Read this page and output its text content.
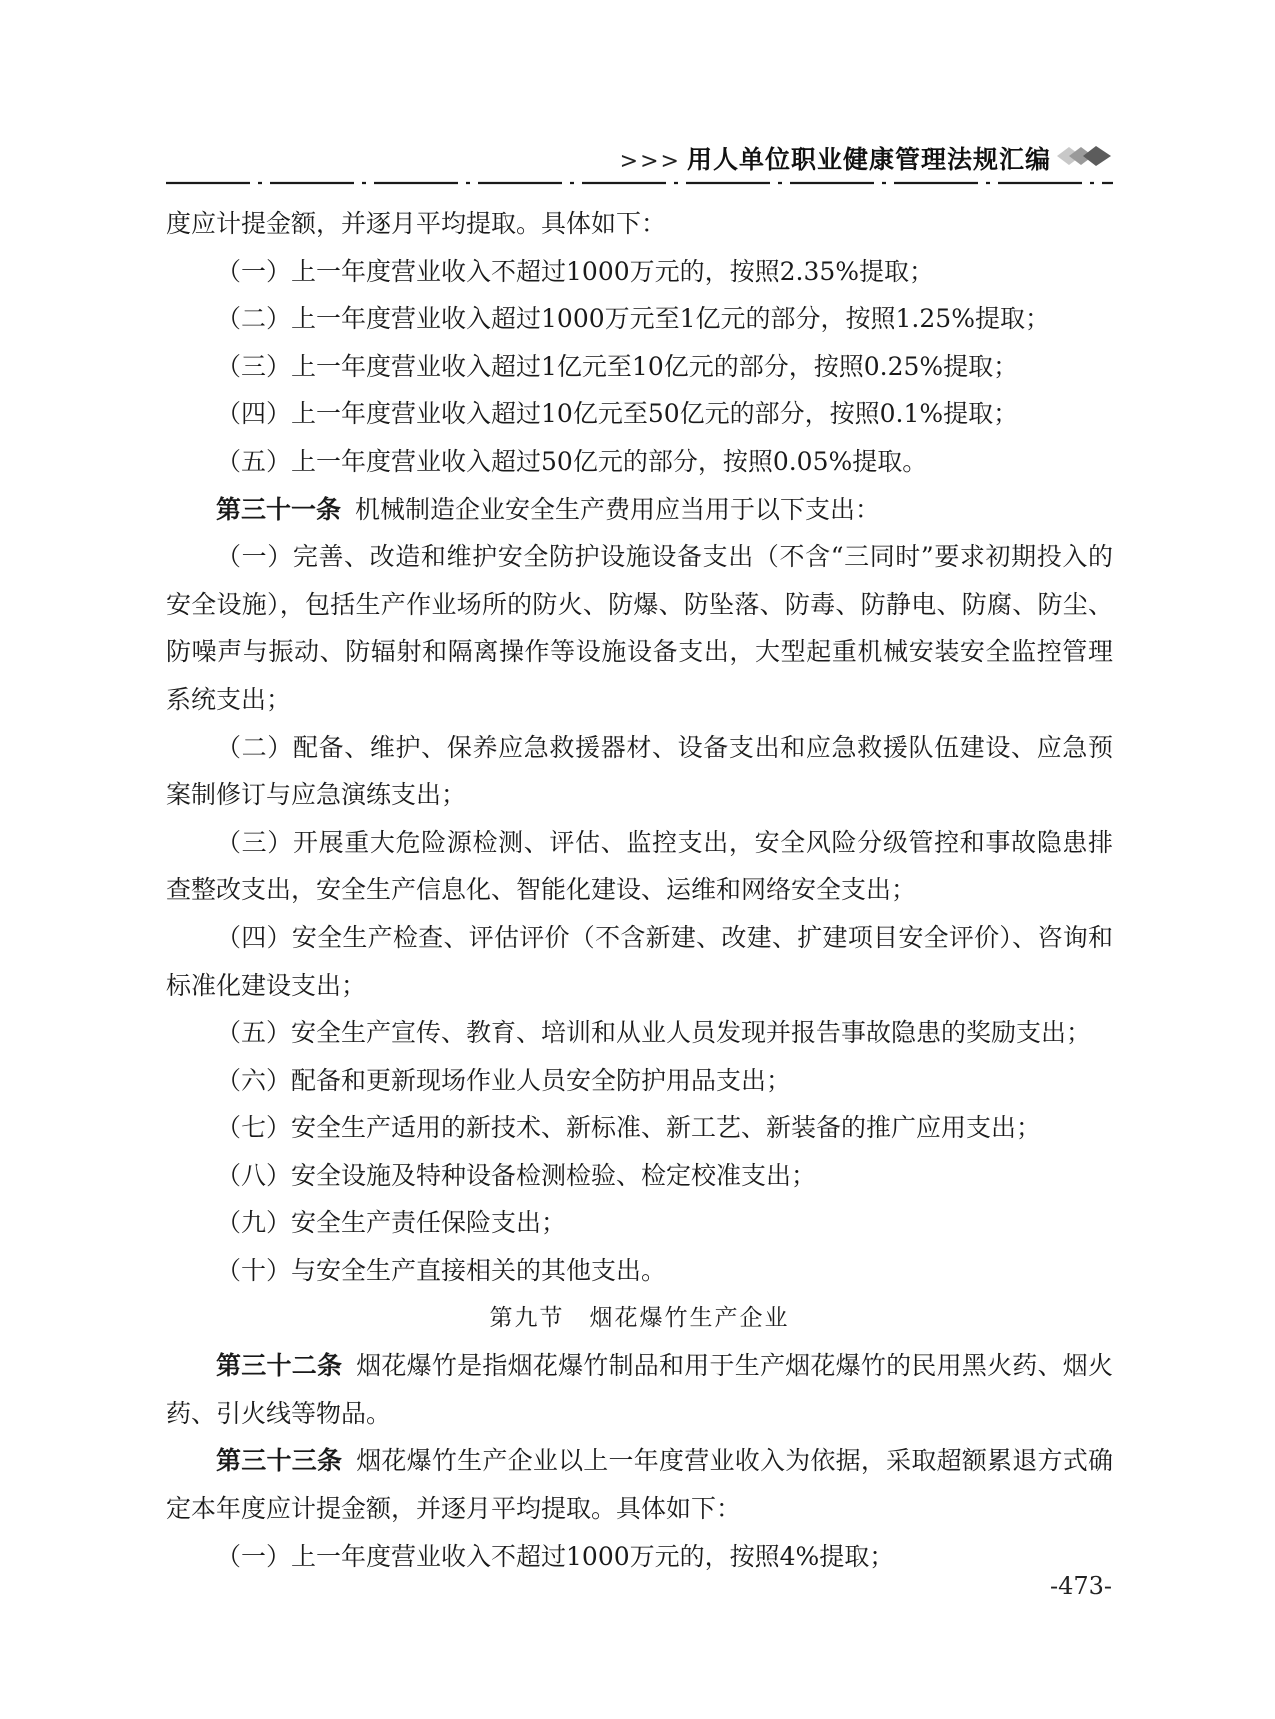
>>> 用人单位职业健康管理法规汇编

度应计提金额，并逐月平均提取。具体如下：

（一）上一年度营业收入不超过1000万元的，按照2.35%提取；

（二）上一年度营业收入超过1000万元至1亿元的部分，按照1.25%提取；

（三）上一年度营业收入超过1亿元至10亿元的部分，按照0.25%提取；

（四）上一年度营业收入超过10亿元至50亿元的部分，按照0.1%提取；

（五）上一年度营业收入超过50亿元的部分，按照0.05%提取。

第三十一条 机械制造企业安全生产费用应当用于以下支出：

（一）完善、改造和维护安全防护设施设备支出（不含“三同时”要求初期投入的安全设施），包括生产作业场所的防火、防爆、防坠落、防毒、防静电、防腐、防尘、防噪声与振动、防辐射和隔离操作等设施设备支出，大型起重机械安装安全监控管理系统支出；

（二）配备、维护、保养应急救援器材、设备支出和应急救援队伍建设、应急预案制修订与应急演练支出；

（三）开展重大危险源检测、评估、监控支出，安全风险分级管控和事故隐患排查整改支出，安全生产信息化、智能化建设、运维和网络安全支出；

（四）安全生产检查、评估评价（不含新建、改建、扩建项目安全评价）、咨询和标准化建设支出；

（五）安全生产宣传、教育、培训和从业人员发现并报告事故隐患的奖励支出；

（六）配备和更新现场作业人员安全防护用品支出；

（七）安全生产适用的新技术、新标准、新工艺、新装备的推广应用支出；

（八）安全设施及特种设备检测检验、检定校准支出；

（九）安全生产责任保险支出；

（十）与安全生产直接相关的其他支出。

第九节　烟花爆竹生产企业

第三十二条 烟花爆竹是指烟花爆竹制品和用于生产烟花爆竹的民用黑火药、烟火药、引火线等物品。

第三十三条 烟花爆竹生产企业以上一年度营业收入为依据，采取超额累退方式确定本年度应计提金额，并逐月平均提取。具体如下：

（一）上一年度营业收入不超过1000万元的，按照4%提取；

-473-
